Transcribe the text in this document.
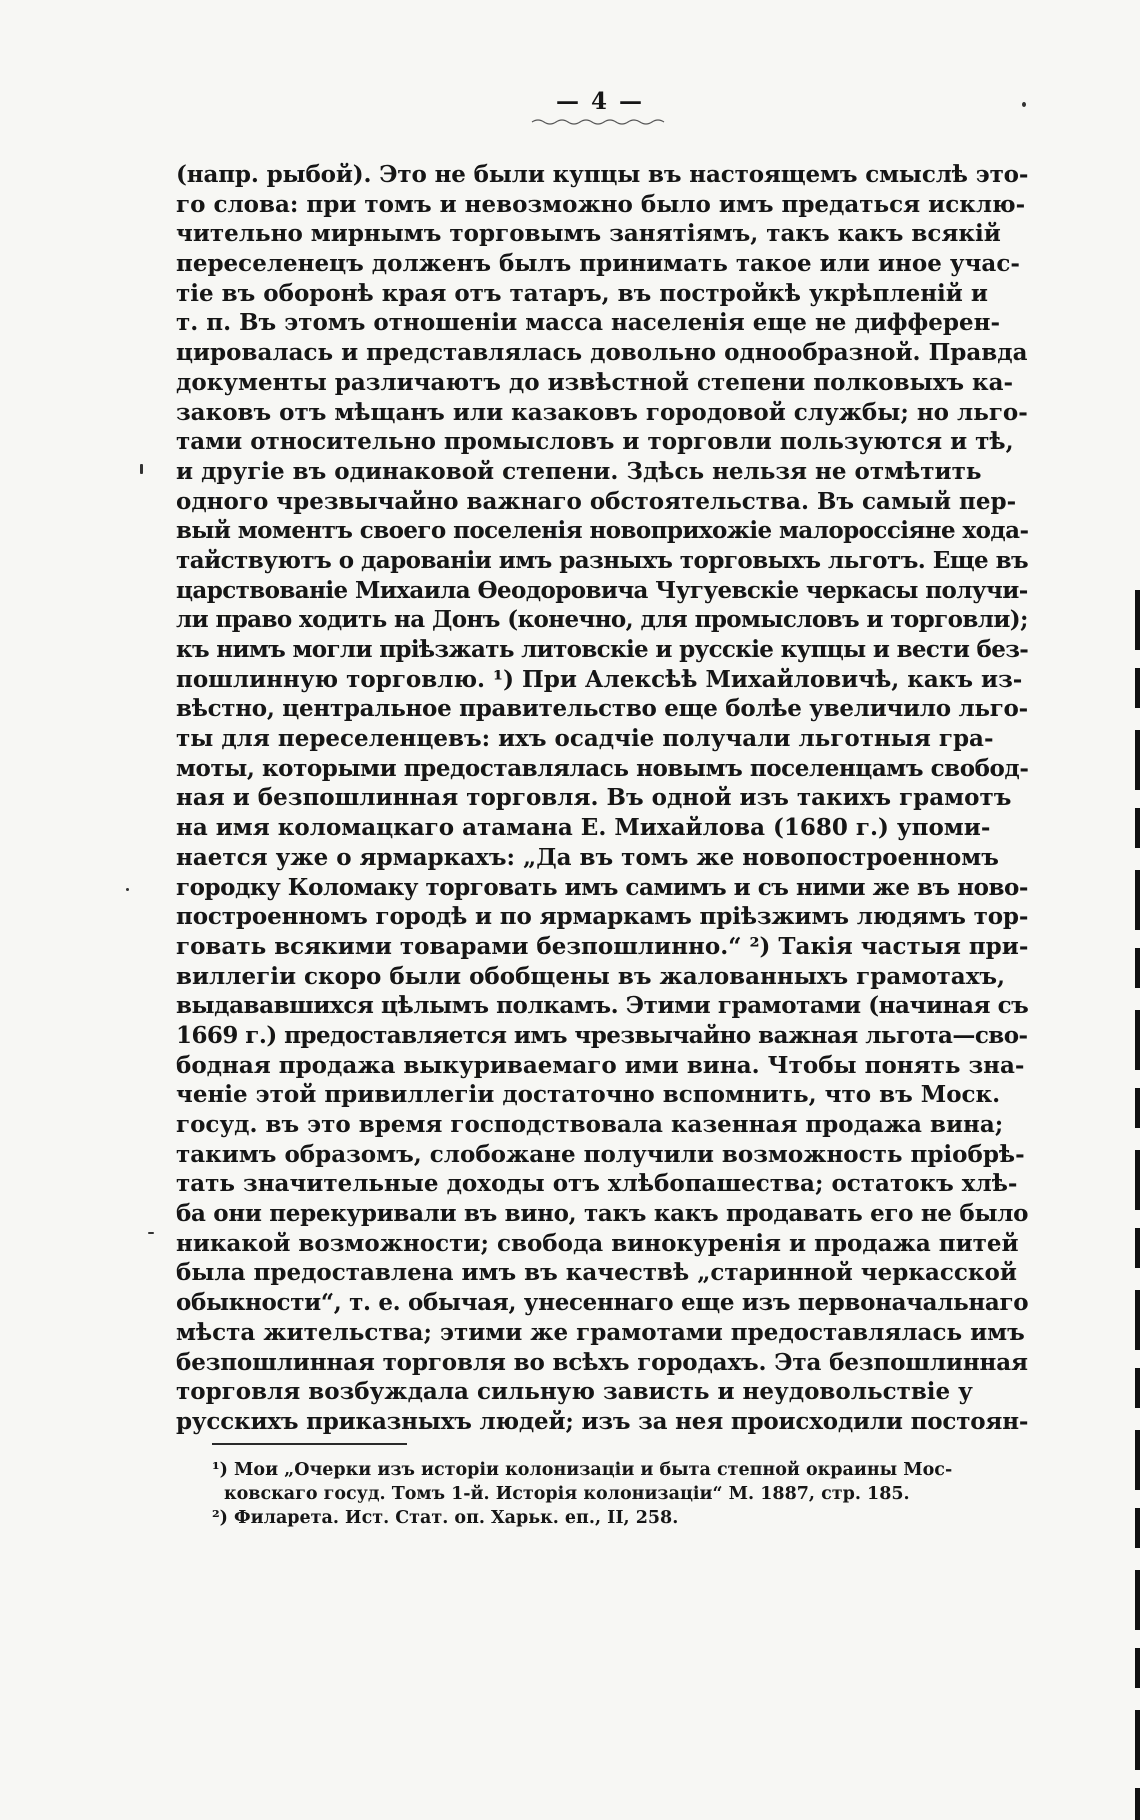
— 4 —
(напр. рыбой). Это не были купцы въ настоящемъ смыслѣ это-
го слова: при томъ и невозможно было имъ предаться исклю-
чительно мирнымъ торговымъ занятіямъ, такъ какъ всякій
переселенецъ долженъ былъ принимать такое или иное учас-
тіе въ оборонѣ края отъ татаръ, въ постройкѣ укрѣпленій и
т. п. Въ этомъ отношеніи масса населенія еще не дифферен-
цировалась и представлялась довольно однообразной. Правда
документы различаютъ до извѣстной степени полковыхъ ка-
заковъ отъ мѣщанъ или казаковъ городовой службы; но льго-
тами относительно промысловъ и торговли пользуются и тѣ,
и другіе въ одинаковой степени. Здѣсь нельзя не отмѣтить
одного чрезвычайно важнаго обстоятельства. Въ самый пер-
вый моментъ своего поселенія новоприхожіе малороссіяне хода-
тайствуютъ о дарованіи имъ разныхъ торговыхъ льготъ. Еще въ
царствованіе Михаила Ѳеодоровича Чугуевскіе черкасы получи-
ли право ходить на Донъ (конечно, для промысловъ и торговли);
къ нимъ могли пріѣзжать литовскіе и русскіе купцы и вести без-
пошлинную торговлю. ¹) При Алексѣѣ Михайловичѣ, какъ из-
вѣстно, центральное правительство еще болѣе увеличило льго-
ты для переселенцевъ: ихъ осадчіе получали льготныя гра-
моты, которыми предоставлялась новымъ поселенцамъ свобод-
ная и безпошлинная торговля. Въ одной изъ такихъ грамотъ
на имя коломацкаго атамана Е. Михайлова (1680 г.) упоми-
нается уже о ярмаркахъ: „Да въ томъ же новопостроенномъ
городку Коломаку торговать имъ самимъ и съ ними же въ ново-
построенномъ городѣ и по ярмаркамъ пріѣзжимъ людямъ тор-
говать всякими товарами безпошлинно.“ ²) Такія частыя при-
виллегіи скоро были обобщены въ жалованныхъ грамотахъ,
выдававшихся цѣлымъ полкамъ. Этими грамотами (начиная съ
1669 г.) предоставляется имъ чрезвычайно важная льгота—сво-
бодная продажа выкуриваемаго ими вина. Чтобы понять зна-
ченіе этой привиллегіи достаточно вспомнить, что въ Моск.
госуд. въ это время господствовала казенная продажа вина;
такимъ образомъ, слобожане получили возможность пріобрѣ-
тать значительные доходы отъ хлѣбопашества; остатокъ хлѣ-
ба они перекуривали въ вино, такъ какъ продавать его не было
никакой возможности; свобода винокуренія и продажа питей
была предоставлена имъ въ качествѣ „старинной черкасской
обыкности“, т. е. обычая, унесеннаго еще изъ первоначальнаго
мѣста жительства; этими же грамотами предоставлялась имъ
безпошлинная торговля во всѣхъ городахъ. Эта безпошлинная
торговля возбуждала сильную зависть и неудовольствіе у
русскихъ приказныхъ людей; изъ за нея происходили постоян-
¹) Мои „Очерки изъ исторіи колонизаціи и быта степной окраины Мос-
ковскаго госуд. Томъ 1-й. Исторія колонизаціи“ М. 1887, стр. 185.
²) Филарета. Ист. Стат. оп. Харьк. еп., II, 258.
